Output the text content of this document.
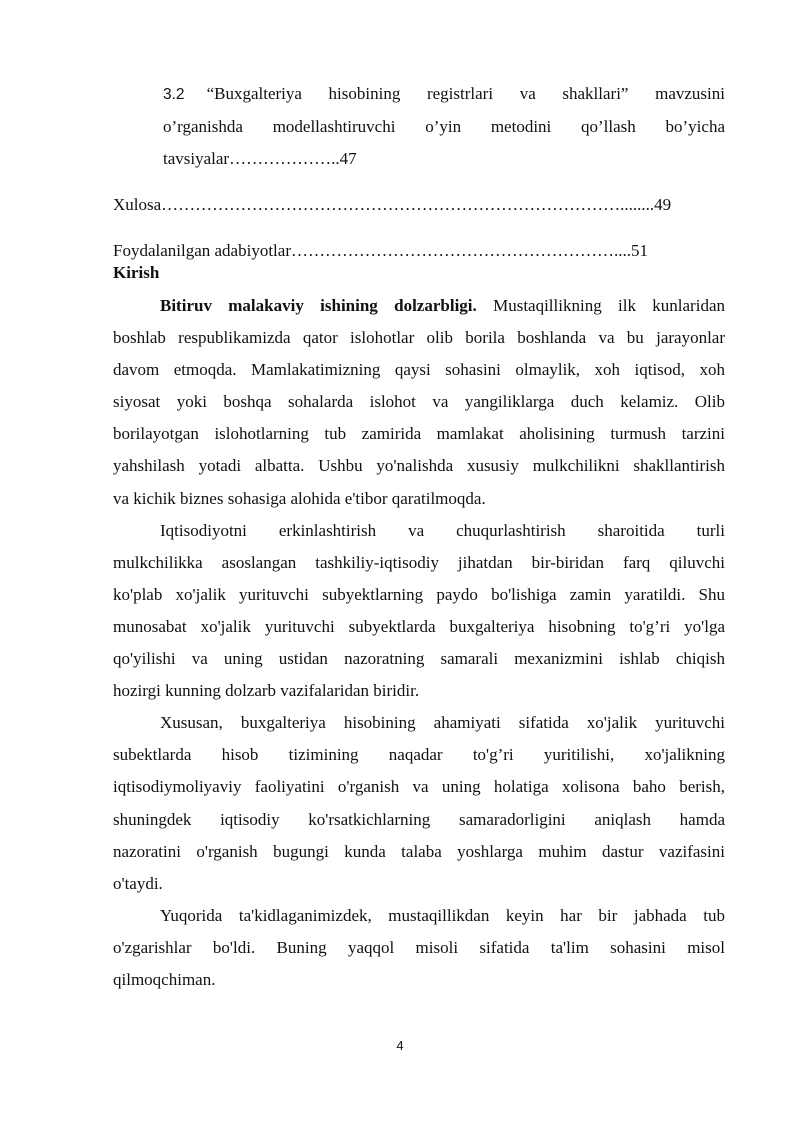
3.2 “Buxgalteriya hisobining registrlari va shakllari” mavzusini
o’rganishda modellashtiruvchi o’yin metodini qo’llash bo’yicha
tavsiyalar………………..47
Xulosa………………………………………………………………………........49
Foydalanilgan adabiyotlar…………………………………………………....51
Kirish
Bitiruv malakaviy ishining dolzarbligi. Mustaqillikning ilk kunlaridan
boshlab respublikamizda qator islohotlar olib borila boshlanda va bu jarayonlar
davom etmoqda. Mamlakatimizning qaysi sohasini olmaylik, xoh iqtisod, xoh
siyosat yoki boshqa sohalarda islohot va yangiliklarga duch kelamiz. Olib
borilayotgan islohotlarning tub zamirida mamlakat aholisining turmush tarzini
yahshilash yotadi albatta. Ushbu yo'nalishda xususiy mulkchilikni shakllantirish
va kichik biznes sohasiga alohida e'tibor qaratilmoqda.
Iqtisodiyotni erkinlashtirish va chuqurlashtirish sharoitida turli
mulkchilikka asoslangan tashkiliy-iqtisodiy jihatdan bir-biridan farq qiluvchi
ko'plab xo'jalik yurituvchi subyektlarning paydo bo'lishiga zamin yaratildi. Shu
munosabat xo'jalik yurituvchi subyektlarda buxgalteriya hisobning to'g’ri yo'lga
qo'yilishi va uning ustidan nazoratning samarali mexanizmini ishlab chiqish
hozirgi kunning dolzarb vazifalaridan biridir.
Xususan, buxgalteriya hisobining ahamiyati sifatida xo'jalik yurituvchi
subektlarda hisob tizimining naqadar to'g’ri yuritilishi, xo'jalikning
iqtisodiymoliyaviy faoliyatini o'rganish va uning holatiga xolisona baho berish,
shuningdek iqtisodiy ko'rsatkichlarning samaradorligini aniqlash hamda
nazoratini o'rganish bugungi kunda talaba yoshlarga muhim dastur vazifasini
o'taydi.
Yuqorida ta'kidlaganimizdek, mustaqillikdan keyin har bir jabhada tub
o'zgarishlar bo'ldi. Buning yaqqol misoli sifatida ta'lim sohasini misol
qilmoqchiman.
4
